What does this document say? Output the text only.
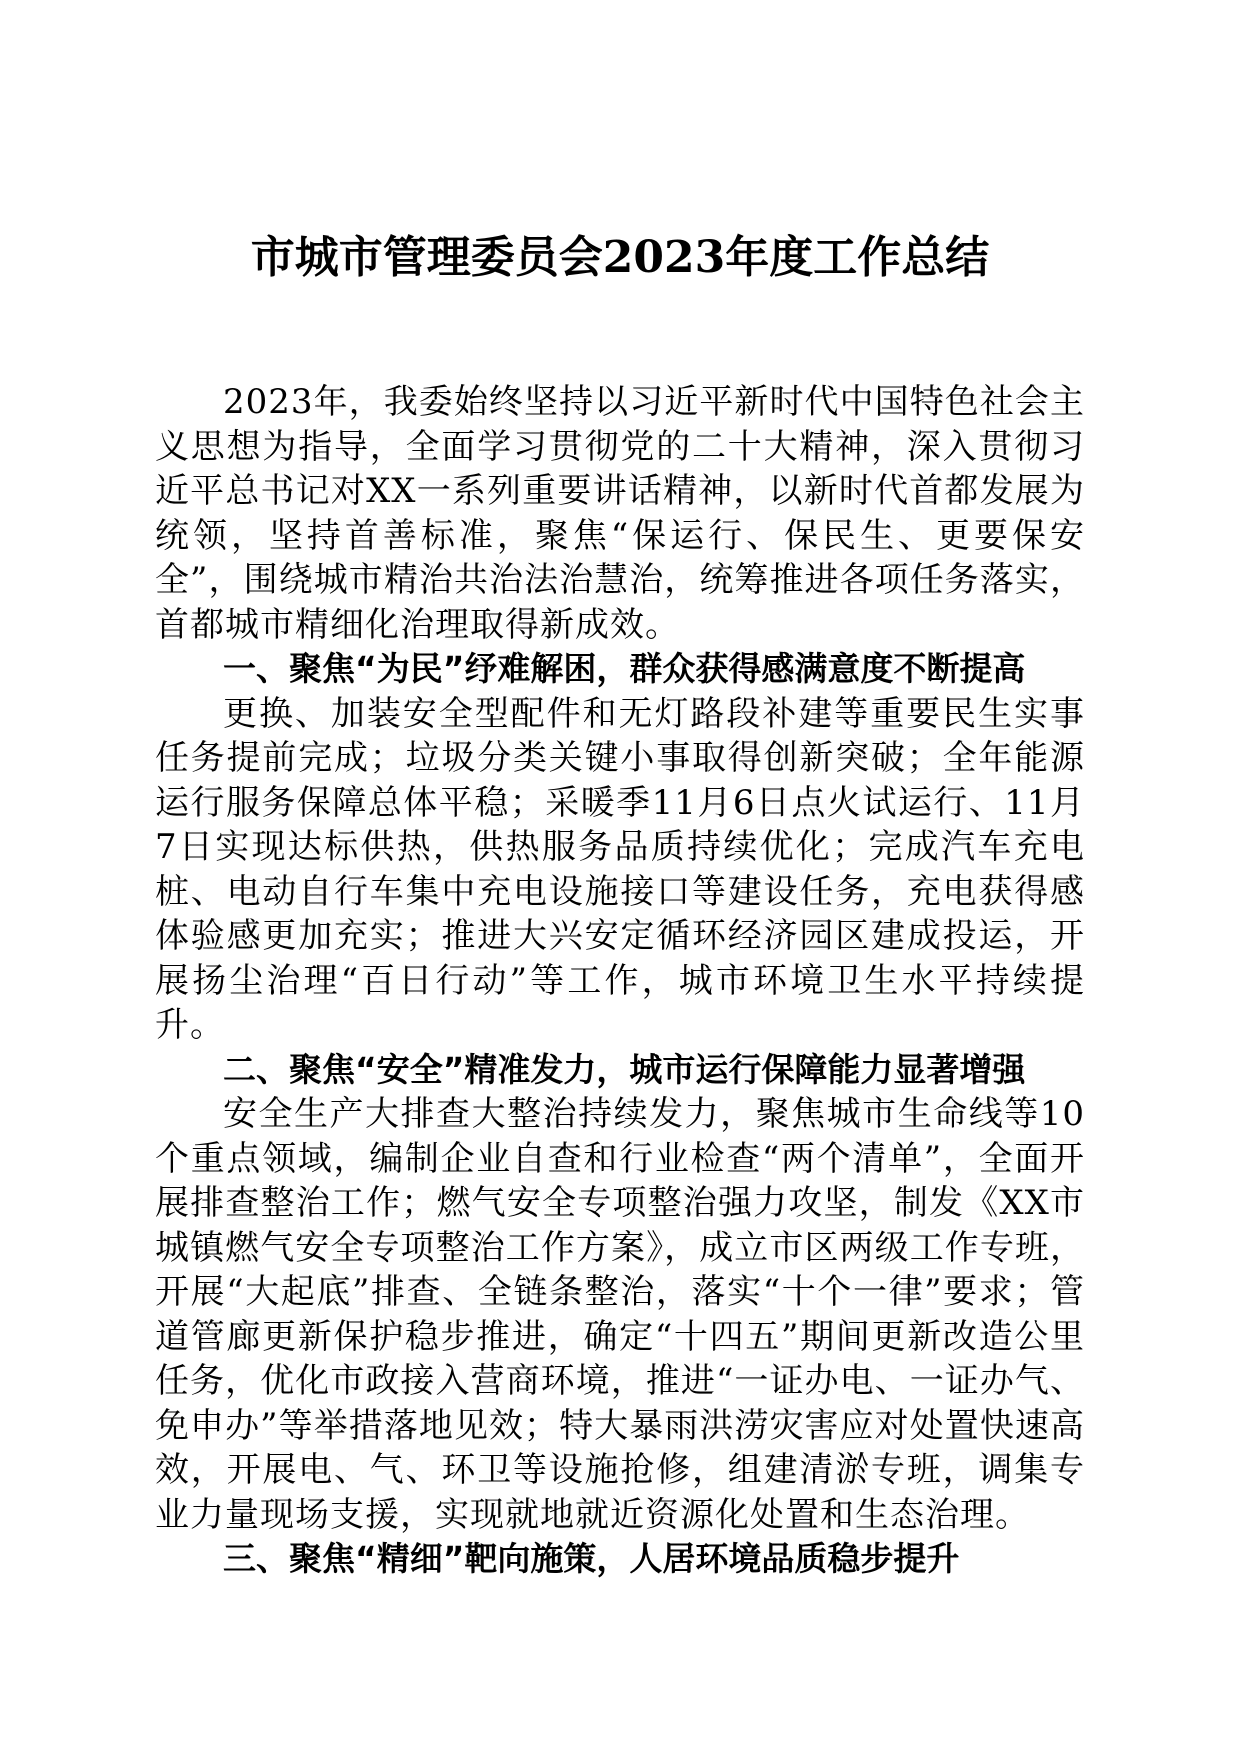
市城市管理委员会2023年度工作总结

2023年，我委始终坚持以习近平新时代中国特色社会主义思想为指导，全面学习贯彻党的二十大精神，深入贯彻习近平总书记对XX一系列重要讲话精神，以新时代首都发展为统领，坚持首善标准，聚焦“保运行、保民生、更要保安全”，围绕城市精治共治法治慧治，统筹推进各项任务落实，首都城市精细化治理取得新成效。

一、聚焦“为民”纾难解困，群众获得感满意度不断提高

更换、加装安全型配件和无灯路段补建等重要民生实事任务提前完成；垃圾分类关键小事取得创新突破；全年能源运行服务保障总体平稳；采暖季11月6日点火试运行、11月7日实现达标供热，供热服务品质持续优化；完成汽车充电桩、电动自行车集中充电设施接口等建设任务，充电获得感体验感更加充实；推进大兴安定循环经济园区建成投运，开展扬尘治理“百日行动”等工作，城市环境卫生水平持续提升。

二、聚焦“安全”精准发力，城市运行保障能力显著增强

安全生产大排查大整治持续发力，聚焦城市生命线等10个重点领域，编制企业自查和行业检查“两个清单”，全面开展排查整治工作；燃气安全专项整治强力攻坚，制发《XX市城镇燃气安全专项整治工作方案》，成立市区两级工作专班，开展“大起底”排查、全链条整治，落实“十个一律”要求；管道管廊更新保护稳步推进，确定“十四五”期间更新改造公里任务，优化市政接入营商环境，推进“一证办电、一证办气、免申办”等举措落地见效；特大暴雨洪涝灾害应对处置快速高效，开展电、气、环卫等设施抢修，组建清淤专班，调集专业力量现场支援，实现就地就近资源化处置和生态治理。

三、聚焦“精细”靶向施策，人居环境品质稳步提升
